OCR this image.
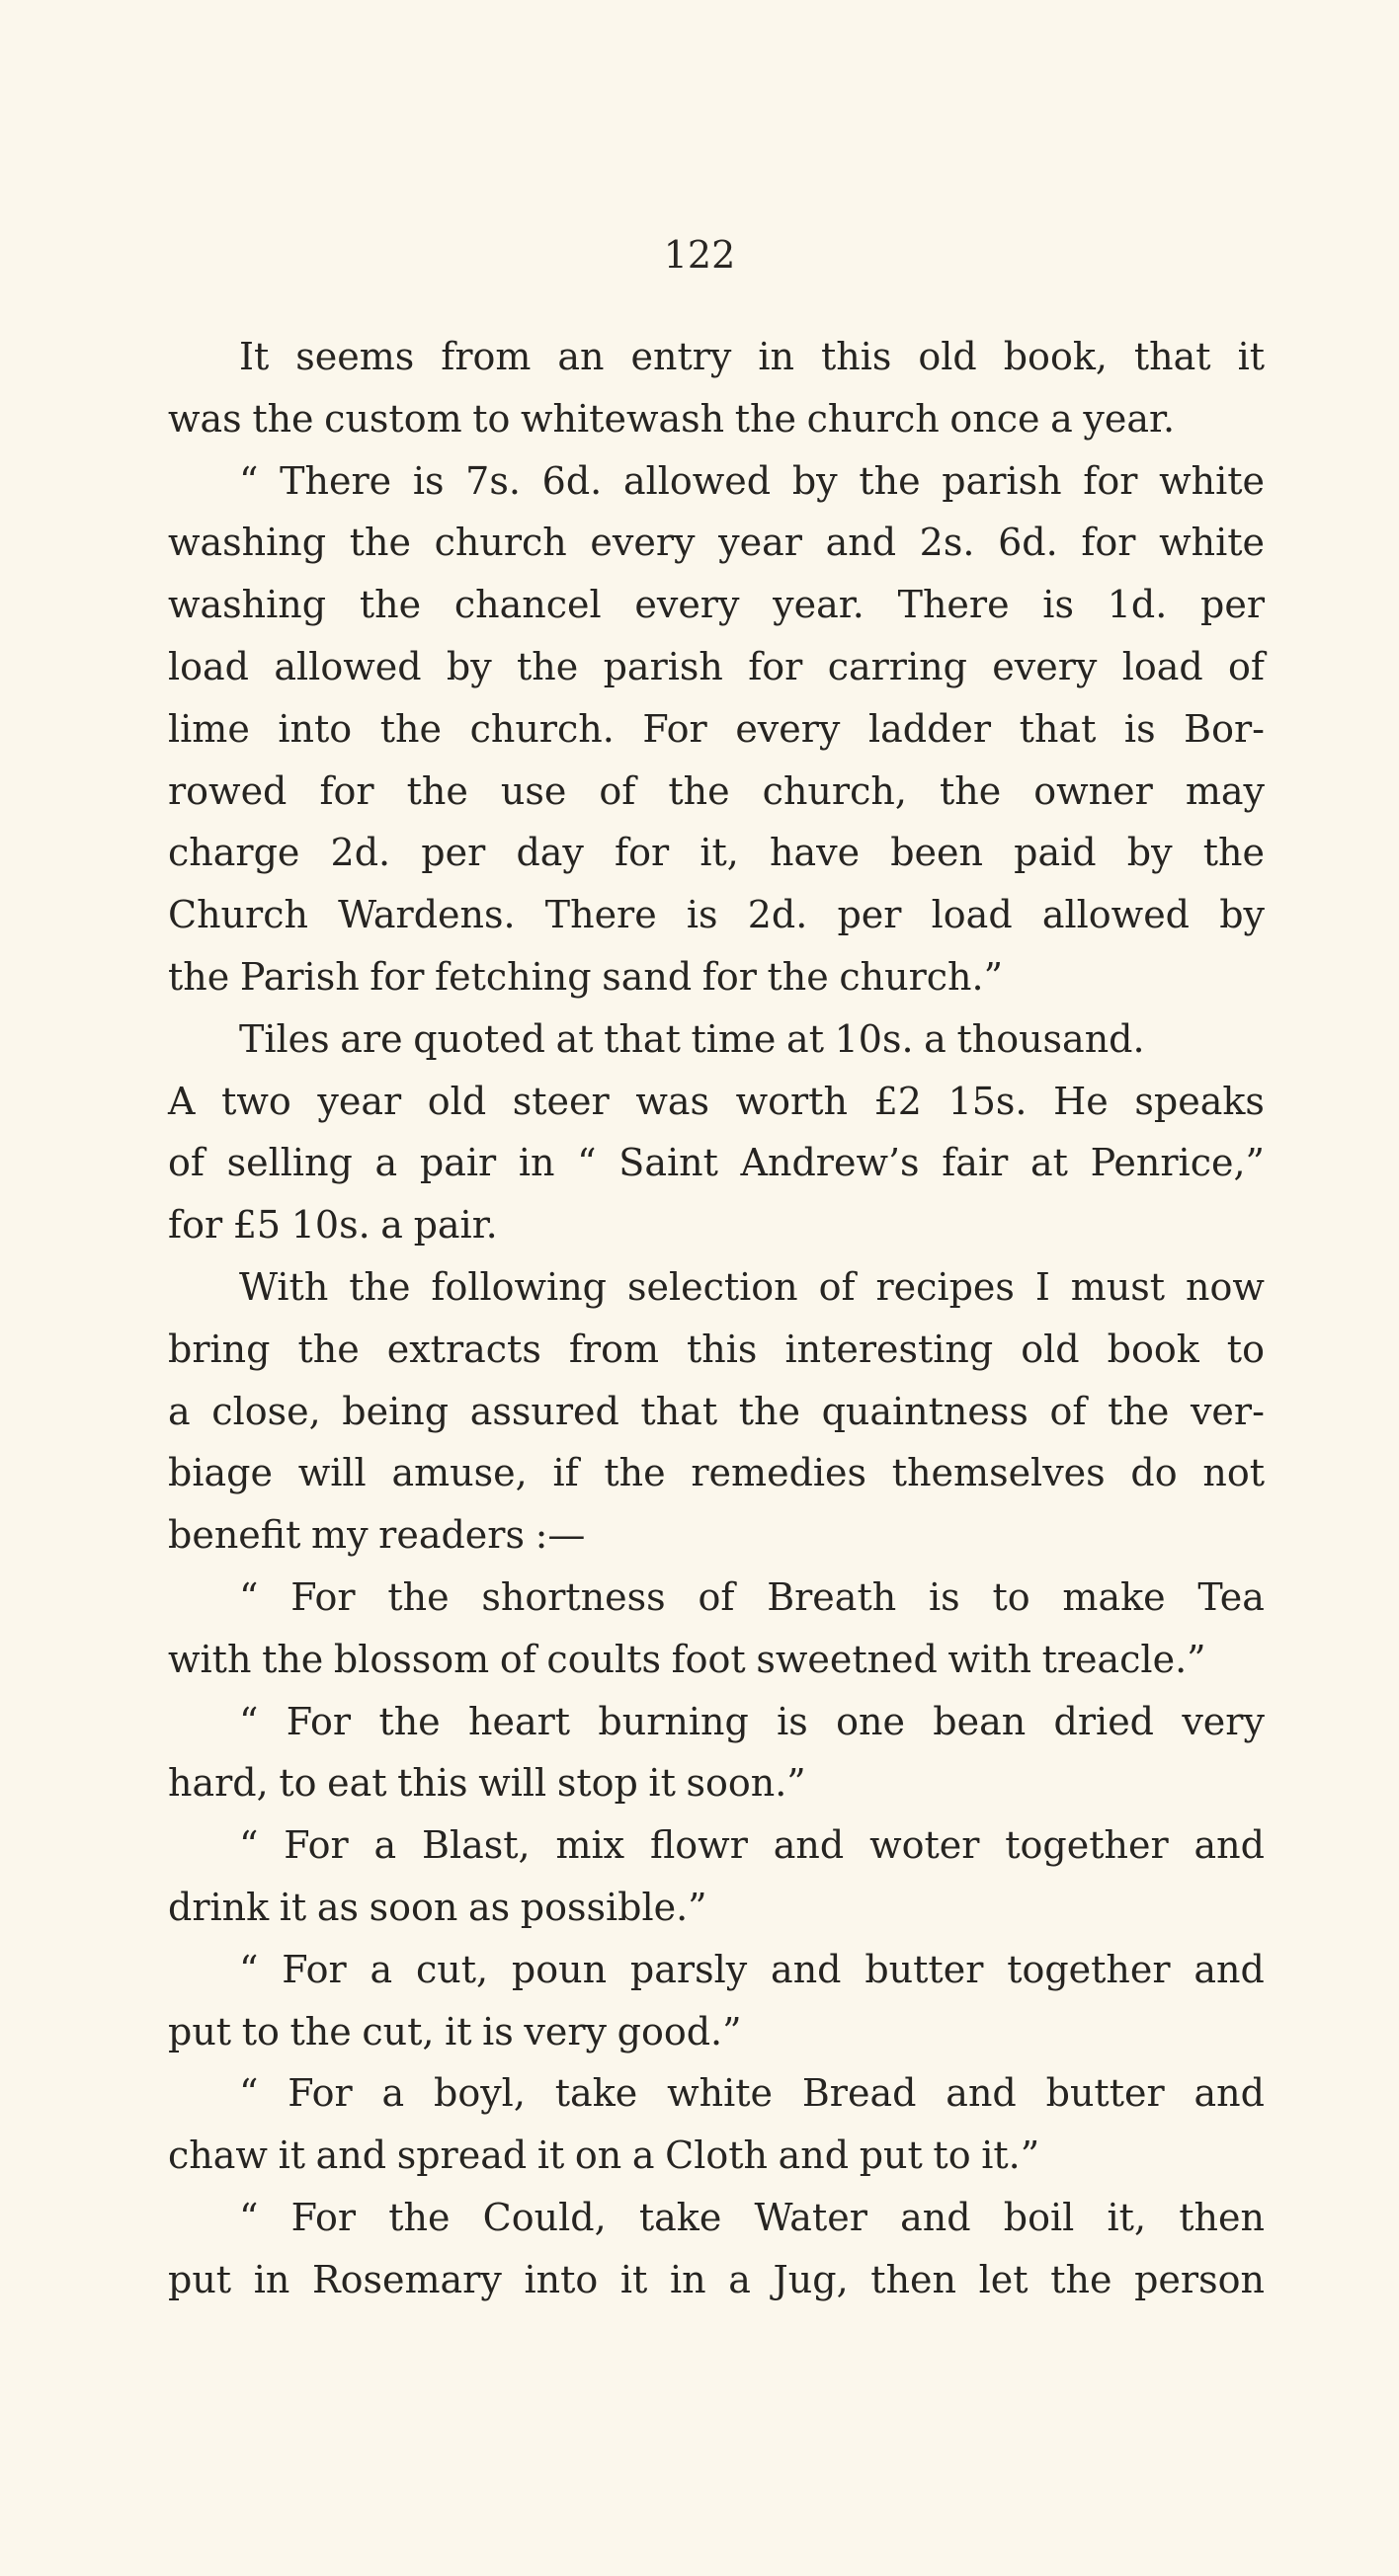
122
It seems from an entry in this old book, that it
was the custom to whitewash the church once a year.
“ There is 7s. 6d. allowed by the parish for white
washing the church every year and 2s. 6d. for white
washing the chancel every year. There is 1d. per
load allowed by the parish for carring every load of
lime into the church. For every ladder that is Bor-
rowed for the use of the church, the owner may
charge 2d. per day for it, have been paid by the
Church Wardens. There is 2d. per load allowed by
the Parish for fetching sand for the church.”
Tiles are quoted at that time at 10s. a thousand.
A two year old steer was worth £2 15s. He speaks
of selling a pair in “ Saint Andrew’s fair at Penrice,”
for £5 10s. a pair.
With the following selection of recipes I must now
bring the extracts from this interesting old book to
a close, being assured that the quaintness of the ver-
biage will amuse, if the remedies themselves do not
benefit my readers :—
“ For the shortness of Breath is to make Tea
with the blossom of coults foot sweetned with treacle.”
“ For the heart burning is one bean dried very
hard, to eat this will stop it soon.”
“ For a Blast, mix flowr and woter together and
drink it as soon as possible.”
“ For a cut, poun parsly and butter together and
put to the cut, it is very good.”
“ For a boyl, take white Bread and butter and
chaw it and spread it on a Cloth and put to it.”
“ For the Could, take Water and boil it, then
put in Rosemary into it in a Jug, then let the person
